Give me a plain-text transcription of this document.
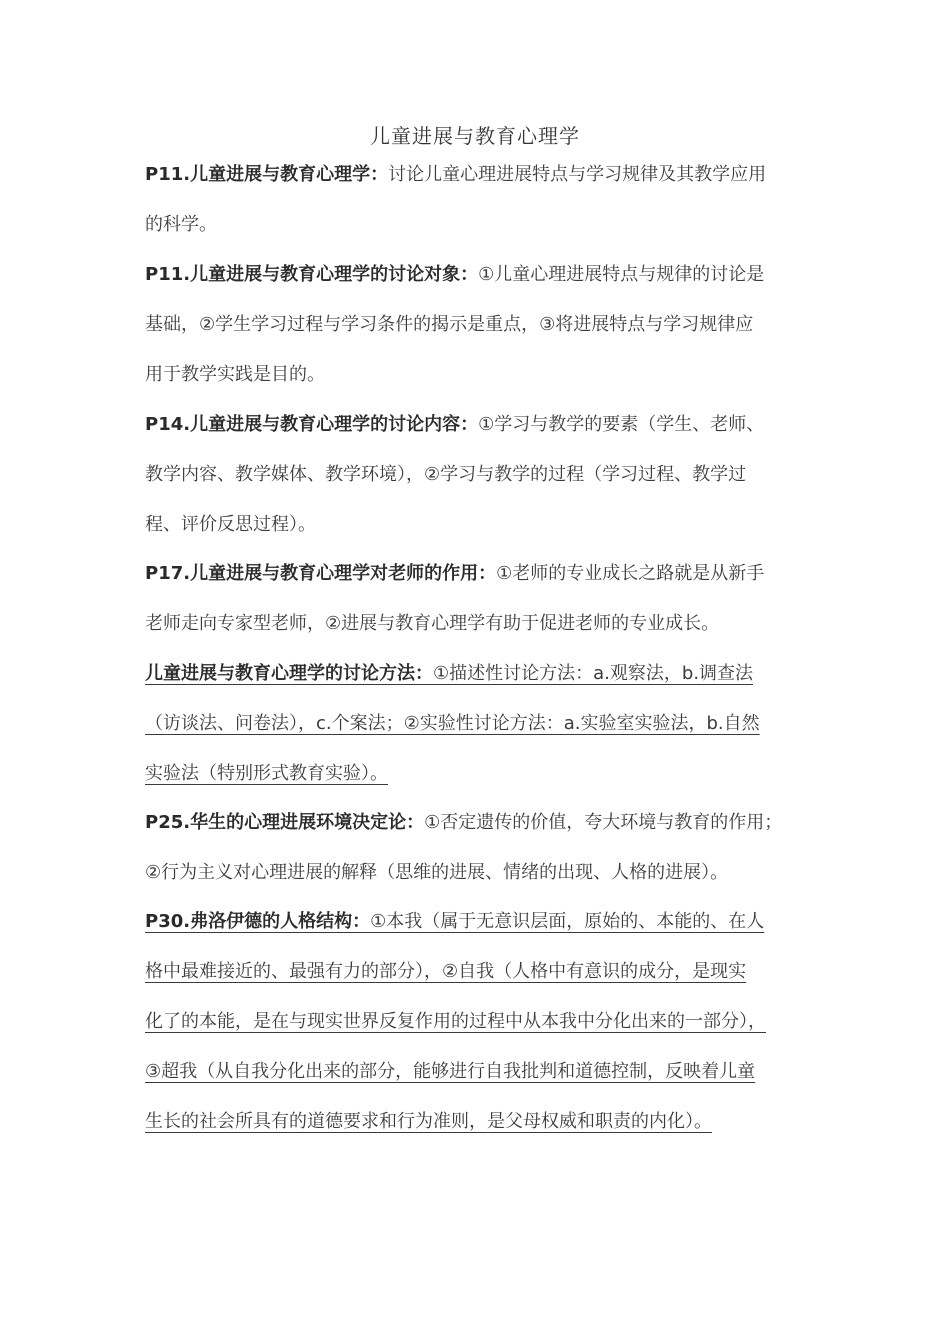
儿童进展与教育心理学
P11.儿童进展与教育心理学：讨论儿童心理进展特点与学习规律及其教学应用
的科学。
P11.儿童进展与教育心理学的讨论对象：①儿童心理进展特点与规律的讨论是
基础，②学生学习过程与学习条件的揭示是重点，③将进展特点与学习规律应
用于教学实践是目的。
P14.儿童进展与教育心理学的讨论内容：①学习与教学的要素（学生、老师、
教学内容、教学媒体、教学环境），②学习与教学的过程（学习过程、教学过
程、评价反思过程）。
P17.儿童进展与教育心理学对老师的作用：①老师的专业成长之路就是从新手
老师走向专家型老师，②进展与教育心理学有助于促进老师的专业成长。
儿童进展与教育心理学的讨论方法：①描述性讨论方法：a.观察法，b.调查法
（访谈法、问卷法），c.个案法；②实验性讨论方法：a.实验室实验法，b.自然
实验法（特别形式教育实验）。
P25.华生的心理进展环境决定论：①否定遗传的价值，夸大环境与教育的作用；
②行为主义对心理进展的解释（思维的进展、情绪的出现、人格的进展）。
P30.弗洛伊德的人格结构：①本我（属于无意识层面，原始的、本能的、在人
格中最难接近的、最强有力的部分），②自我（人格中有意识的成分，是现实
化了的本能，是在与现实世界反复作用的过程中从本我中分化出来的一部分），
③超我（从自我分化出来的部分，能够进行自我批判和道德控制，反映着儿童
生长的社会所具有的道德要求和行为准则，是父母权威和职责的内化）。
